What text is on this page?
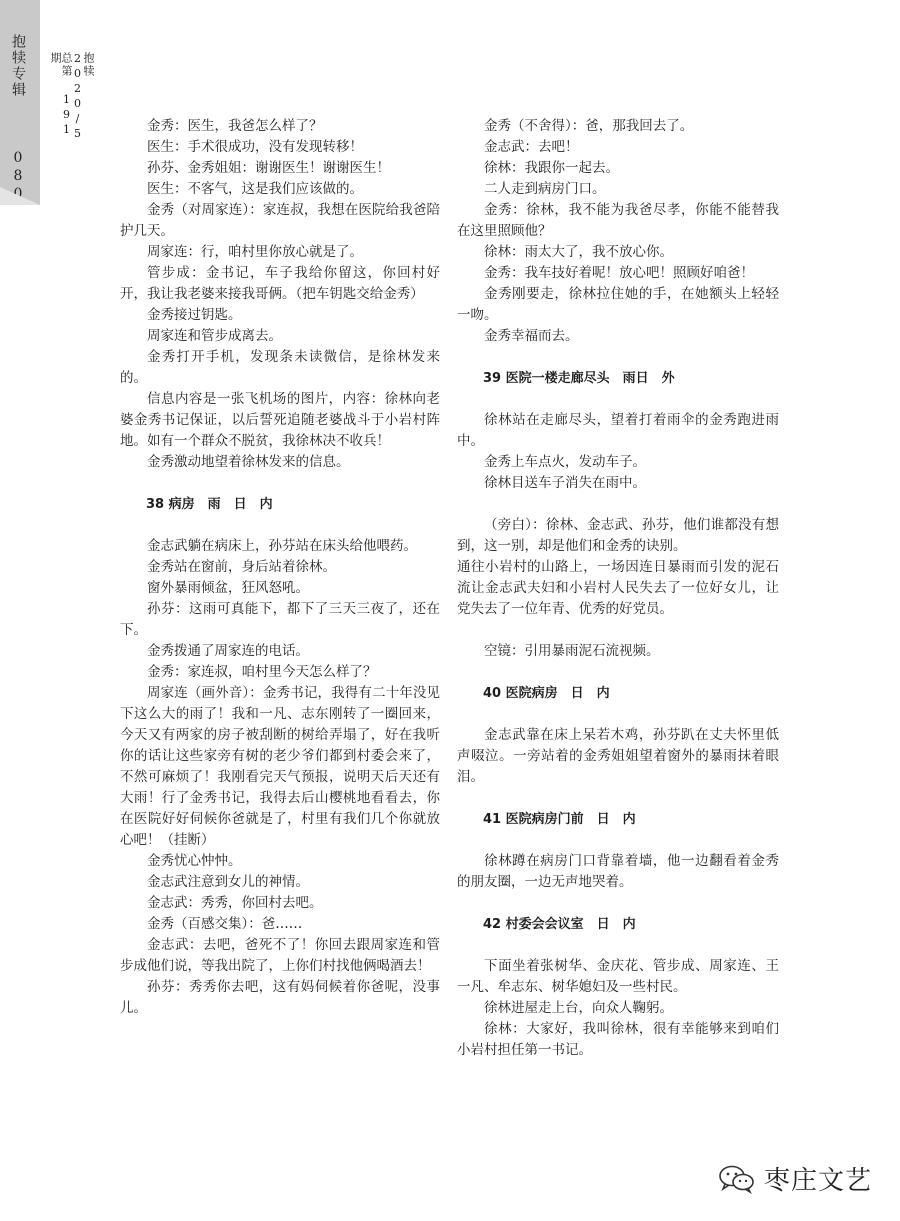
抱犊专辑 　 080
抱犊 2020/5 总第 191 期

金秀：医生，我爸怎么样了？

医生：手术很成功，没有发现转移！

孙芬、金秀姐姐：谢谢医生！谢谢医生！

医生：不客气，这是我们应该做的。

金秀（对周家连）：家连叔，我想在医院给我爸陪护几天。

周家连：行，咱村里你放心就是了。

管步成：金书记，车子我给你留这，你回村好开，我让我老婆来接我哥俩。（把车钥匙交给金秀）

金秀接过钥匙。

周家连和管步成离去。

金秀打开手机，发现条未读微信，是徐林发来的。

信息内容是一张飞机场的图片，内容：徐林向老婆金秀书记保证，以后誓死追随老婆战斗于小岩村阵地。如有一个群众不脱贫，我徐林决不收兵！

金秀激动地望着徐林发来的信息。

38 病房　雨　日　内

金志武躺在病床上，孙芬站在床头给他喂药。

金秀站在窗前，身后站着徐林。

窗外暴雨倾盆，狂风怒吼。

孙芬：这雨可真能下，都下了三天三夜了，还在下。

金秀拨通了周家连的电话。

金秀：家连叔，咱村里今天怎么样了？

周家连（画外音）：金秀书记，我得有二十年没见下这么大的雨了！我和一凡、志东刚转了一圈回来，今天又有两家的房子被刮断的树给弄塌了，好在我听你的话让这些家旁有树的老少爷们都到村委会来了，不然可麻烦了！我刚看完天气预报，说明天后天还有大雨！行了金秀书记，我得去后山樱桃地看看去，你在医院好好伺候你爸就是了，村里有我们几个你就放心吧！（挂断）

金秀忧心忡忡。

金志武注意到女儿的神情。

金志武：秀秀，你回村去吧。

金秀（百感交集）：爸……

金志武：去吧，爸死不了！你回去跟周家连和管步成他们说，等我出院了，上你们村找他俩喝酒去！

孙芬：秀秀你去吧，这有妈伺候着你爸呢，没事儿。

金秀（不舍得）：爸，那我回去了。

金志武：去吧！

徐林：我跟你一起去。

二人走到病房门口。

金秀：徐林，我不能为我爸尽孝，你能不能替我在这里照顾他？

徐林：雨太大了，我不放心你。

金秀：我车技好着呢！放心吧！照顾好咱爸！

金秀刚要走，徐林拉住她的手，在她额头上轻轻一吻。

金秀幸福而去。

39 医院一楼走廊尽头　雨日　外

徐林站在走廊尽头，望着打着雨伞的金秀跑进雨中。

金秀上车点火，发动车子。

徐林目送车子消失在雨中。

（旁白）：徐林、金志武、孙芬，他们谁都没有想到，这一别，却是他们和金秀的诀别。

通往小岩村的山路上，一场因连日暴雨而引发的泥石流让金志武夫妇和小岩村人民失去了一位好女儿，让党失去了一位年青、优秀的好党员。

空镜：引用暴雨泥石流视频。

40 医院病房　日　内

金志武靠在床上呆若木鸡，孙芬趴在丈夫怀里低声啜泣。一旁站着的金秀姐姐望着窗外的暴雨抹着眼泪。

41 医院病房门前　日　内

徐林蹲在病房门口背靠着墙，他一边翻看着金秀的朋友圈，一边无声地哭着。

42 村委会会议室　日　内

下面坐着张树华、金庆花、管步成、周家连、王一凡、牟志东、树华媳妇及一些村民。

徐林进屋走上台，向众人鞠躬。

徐林：大家好，我叫徐林，很有幸能够来到咱们小岩村担任第一书记。

枣庄文艺
